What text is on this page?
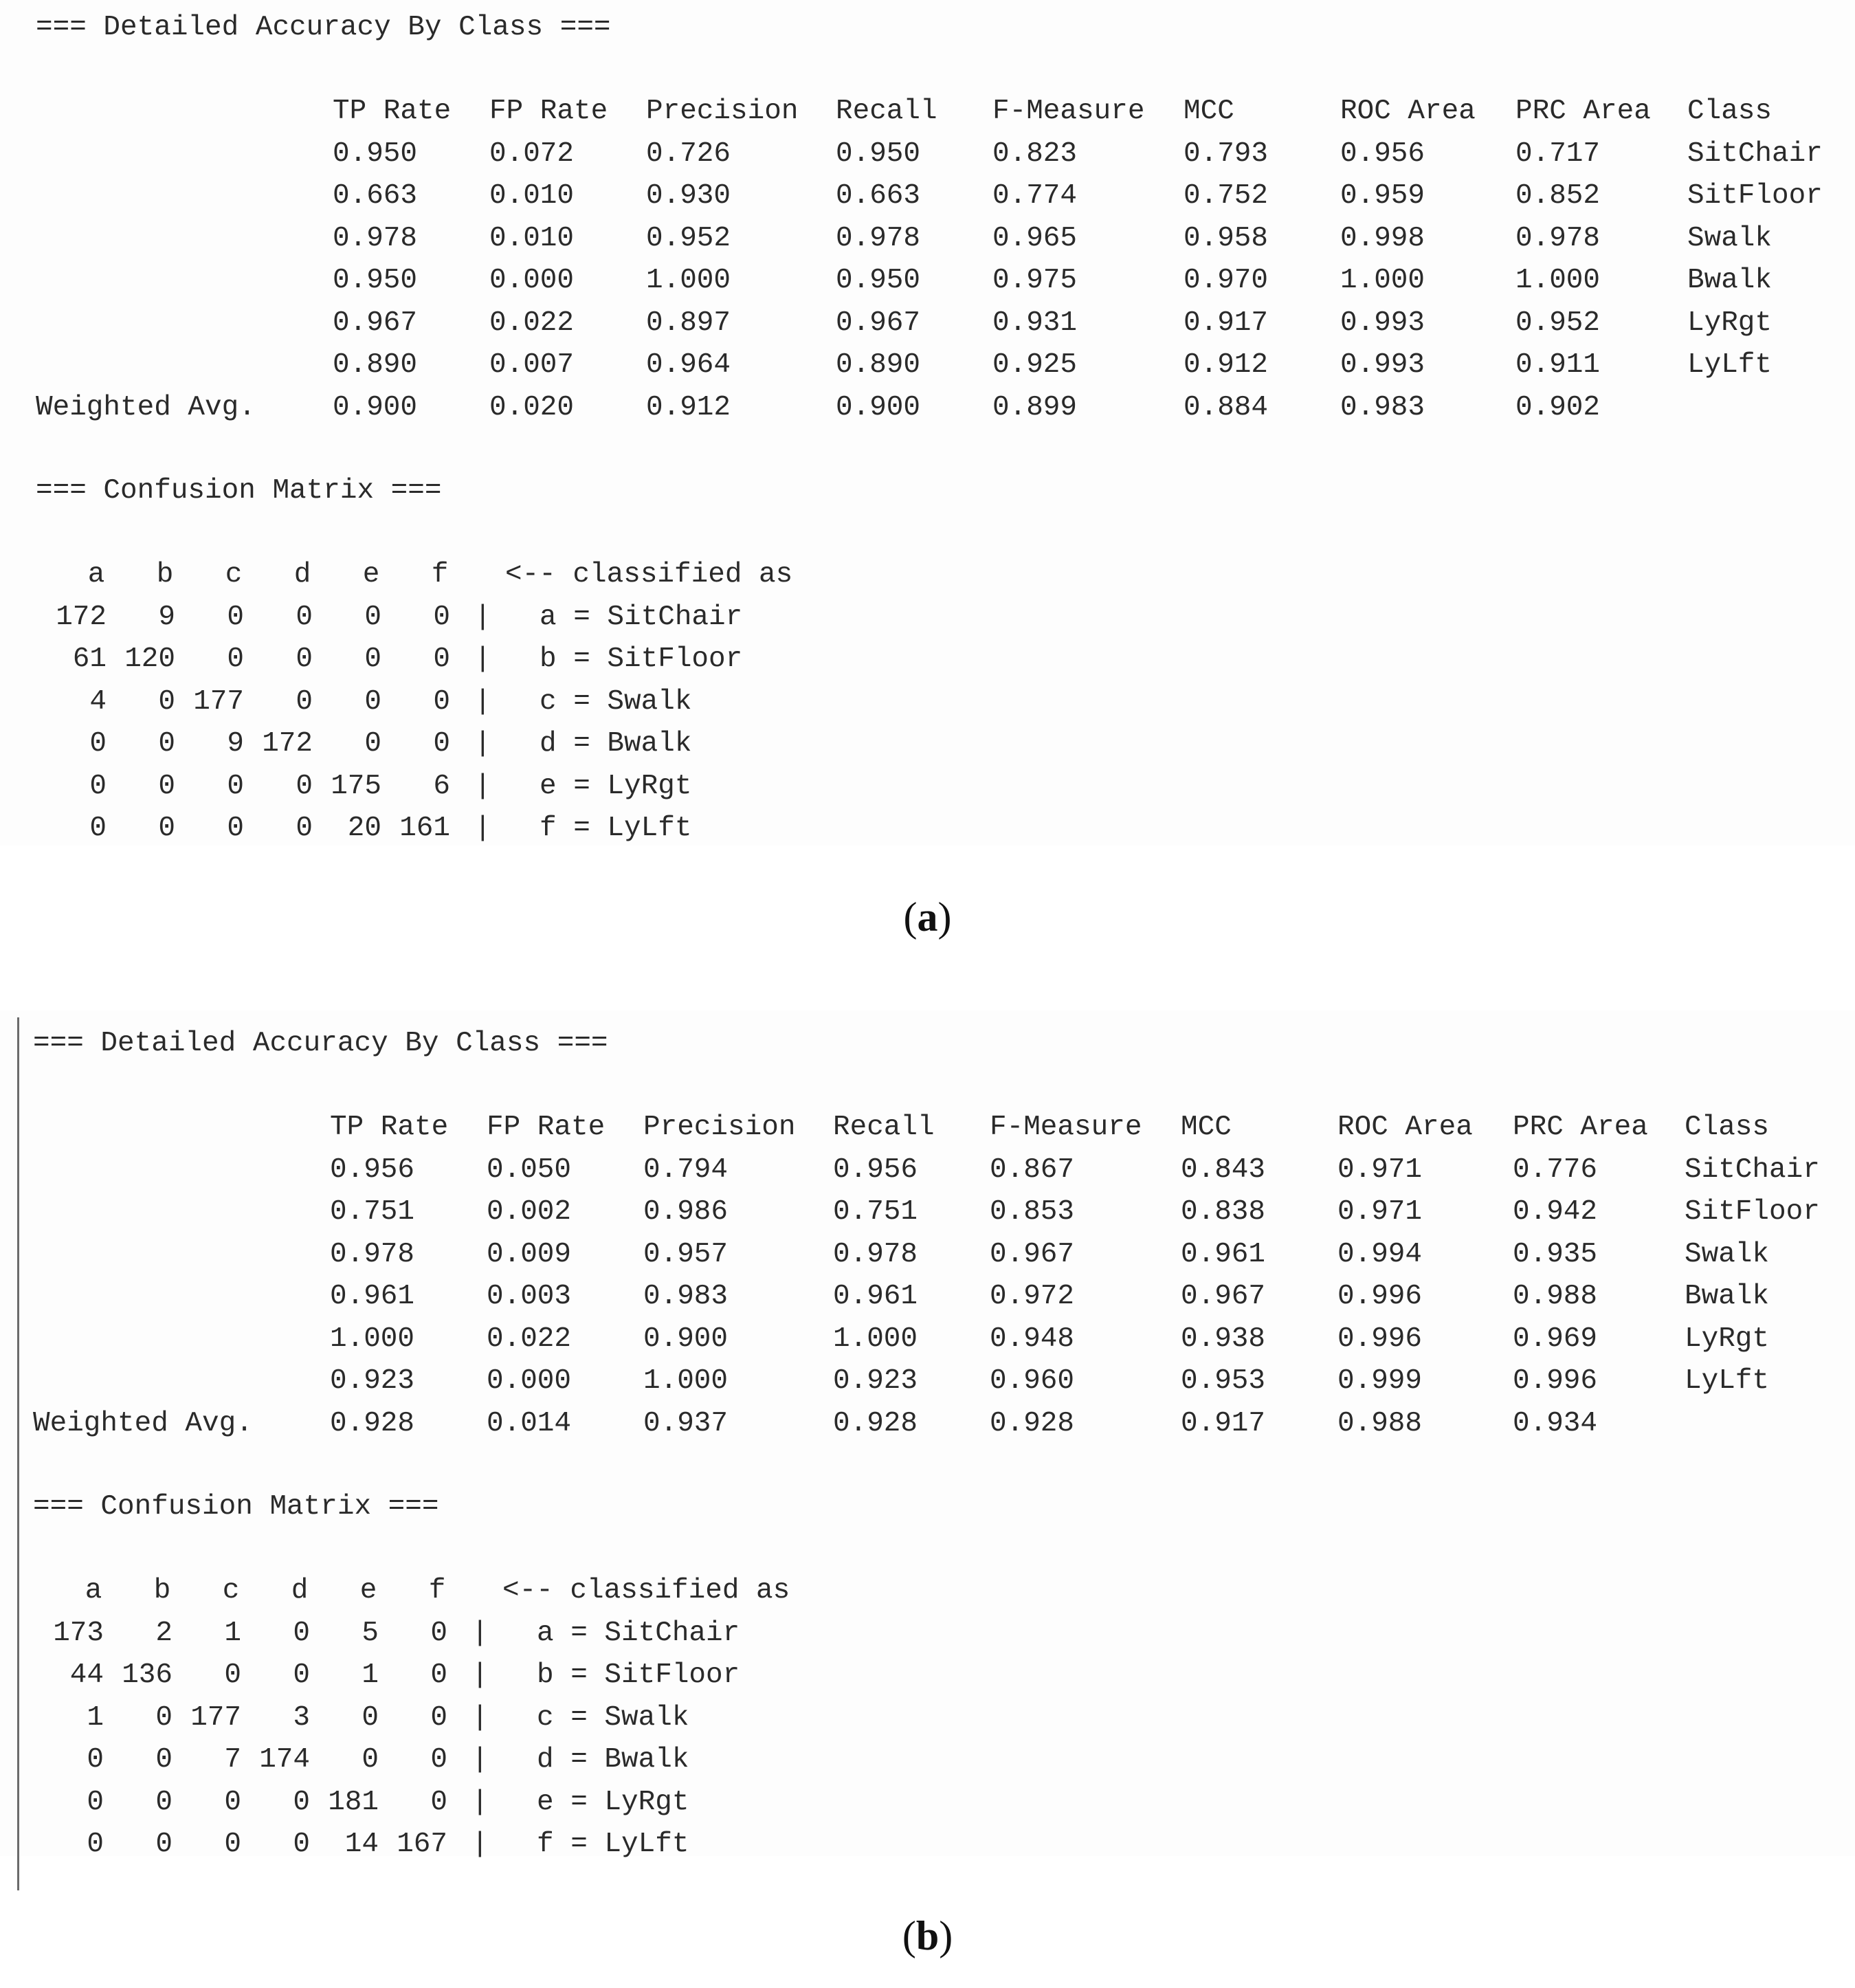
=== Detailed Accuracy By Class ===
=== Confusion Matrix ===
TP Rate FP Rate Precision Recall F-Measure MCC	ROC Area PRC Area Class
0.950	0.072	0.726	0.950	0.823	0.793	0.956	0.717	SitChair
0.663	0.010	0.930	0.663	0.774	0.752	0.959	0.852	SitFloor
0.978	0.010	0.952	0.978	0.965	0.958	0.998	0.978	Swalk
0.950	0.000	1.000	0.950	0.975	0.970	1.000	1.000	Bwalk
0.967	0.022	0.897	0.967	0.931	0.917	0.993	0.952	LyRgt
0.890	0.007	0.964	0.890	0.925	0.912	0.993	0.911	LyLft
Weighted Avg.	0.900	0.020	0.912	0.900	0.899	0.884	0.983	0.902
a b c d e f <-- classified as
172	9	0	0	0	0 | a = SitChair
61 120	0	0	0	0 | b = SitFloor
4	0 177	0	0	0 | c = Swalk
0	0	9 172	0	0 | d = Bwalk
0	0	0	0 175	6 | e = LyRgt
0	0	0	0	20 161 | f = LyLft
(a)
=== Detailed Accuracy By Class ===
=== Confusion Matrix ===
TP Rate FP Rate Precision Recall F-Measure MCC	ROC Area PRC Area Class
0.956	0.050	0.794	0.956	0.867	0.843	0.971	0.776	SitChair
0.751	0.002	0.986	0.751	0.853	0.838	0.971	0.942	SitFloor
0.978	0.009	0.957	0.978	0.967	0.961	0.994	0.935	Swalk
0.961	0.003	0.983	0.961	0.972	0.967	0.996	0.988	Bwalk
1.000	0.022	0.900	1.000	0.948	0.938	0.996	0.969	LyRgt
0.923	0.000	1.000	0.923	0.960	0.953	0.999	0.996	LyLft
Weighted Avg.	0.928	0.014	0.937	0.928	0.928	0.917	0.988	0.934
a b c d e f <-- classified as
173	2	1	0	5	0 | a = SitChair
44 136	0	0	1	0 | b = SitFloor
1	0 177	3	0	0 | c = Swalk
0	0	7 174	0	0 | d = Bwalk
0	0	0	0 181	0 | e = LyRgt
0	0	0	0	14 167 | f = LyLft
(b)
